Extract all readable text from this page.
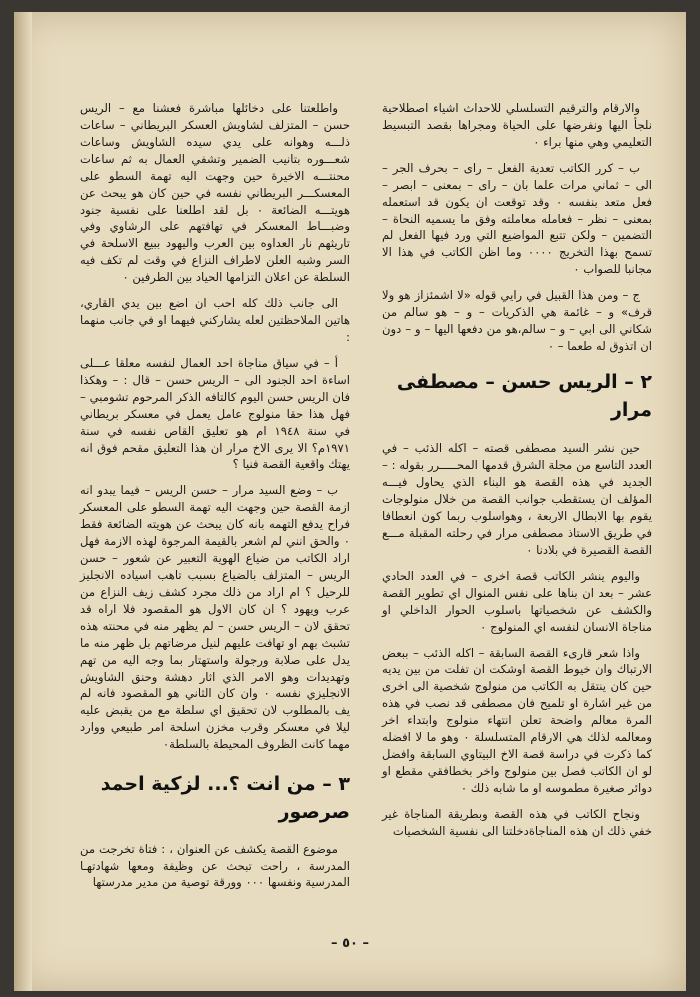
والارقام والترقيم التسلسلي للاحداث اشياء اصطلاحية نلجأ اليها ونفرضها على الحياة ومجراها بقصد التبسيط التعليمي وهي منها براء ٠

ب – كرر الكاتب تعدية الفعل – راى – بحرف الجر – الى – ثماني مرات علما بان – راى – بمعنى – ابصر – فعل متعد بنفسه ٠ وقد توقعت ان يكون قد استعمله بمعنى – نظر – فعامله معاملته وفق ما يسميه النحاة – التضمين – ولكن تتبع المواضيع التي ورد فيها الفعل لم تسمح بهذا التخريج ٠٠٠٠ وما اظن الكاتب في هذا الا مجانبا للصواب ٠

ج – ومن هذا القبيل في رايي قوله «لا اشمئزاز هو ولا قرف» و – غائمة هي الذكريات – و – هو سالم من شكاني الى ابي – و – سالم،هو من دفعها اليها – و – دون ان اتذوق له طعما – ٠

٢ – الريس حسن – مصطفى مرار

حين نشر السيد مصطفى قصته – اكله الذئب – في العدد التاسع من مجلة الشرق قدمها المحـــــرر بقوله : – الجديد في هذه القصة هو البناء الذي يحاول فيـــه المؤلف ان يستقطب جوانب القصة من خلال منولوجات يقوم بها الابطال الاربعة ، وهواسلوب ربما كون انعطافا في طريق الاستاذ مصطفى مرار في رحلته المقبلة مـــع القصة القصيرة في بلادنا ٠

واليوم ينشر الكاتب قصة اخرى – في العدد الحادي عشر – بعد ان بناها على نفس المنوال اي تطوير القصة والكشف عن شخصياتها باسلوب الحوار الداخلي او مناجاة الانسان لنفسه اي المنولوج ٠

واذا شعر قارىء القصة السابقة – اكله الذئب – ببعض الارتباك وان خيوط القصة اوشكت ان تفلت من بين يديه حين كان ينتقل به الكاتب من منولوج شخصية الى اخرى من غير اشارة او تلميح فان مصطفى قد نصب في هذه المرة معالم واضحة تعلن انتهاء منولوج وابتداء اخر ومعالمه لذلك هي الارقام المتسلسلة ٠ وهو ما لا افضله كما ذكرت في دراسة قصة الاخ البيتاوي السابقة وافضل لو ان الكاتب فصل بين منولوج واخر بخطافقي مقطع او دوائر صغيرة مطموسه او ما شابه ذلك ٠

ونجاح الكاتب في هذه القصة وبطريقة المناجاة غير خفي ذلك ان هذه المناجاةدخلتنا الى نفسية الشخصيات

واطلعتنا على دخائلها مباشرة فعشنا مع – الريس حسن – المتزلف لشاويش العسكر البريطاني – ساعات ذلـــه وهوانه على يدي سيده الشاويش وساعات شعـــوره بتانيب الضمير وتشفي العمال به ثم ساعات محنتـــه الاخيرة حين وجهت اليه تهمة السطو على المعسكـــر البريطاني نفسه في حين كان هو يبحث عن هويتـــه الضائعة ٠ بل لقد اطلعنا على نفسية جنود وضبـــاط المعسكر في تهافتهم على الرشاوي وفي تاريثهم نار العداوه بين العرب واليهود ببيع الاسلحة في السر وشبه العلن لاطراف النزاع في وقت لم تكف فيه السلطة عن اعلان التزامها الحياد بين الطرفين ٠

الى جانب ذلك كله احب ان اضع بين يدي القاري، هاتين الملاحظتين لعله يشاركني فيهما او في جانب منهما :

أ – في سياق مناجاة احد العمال لنفسه معلقا عـــلى اساءة احد الجنود الى – الريس حسن – قال : – وهكذا فان الريس حسن اليوم كالتافه الذكر المرحوم تشومبي – فهل هذا حقا منولوج عامل يعمل في معسكر بريطاني في سنة ١٩٤٨ ام هو تعليق القاص نفسه في سنة ١٩٧١م؟ الا يرى الاخ مرار ان هذا التعليق مقحم فوق انه يهتك واقعية القصة فنيا ؟

ب – وضع السيد مرار – حسن الريس – فيما يبدو انه ازمة القصة حين وجهت اليه تهمة السطو على المعسكر فراح يدفع التهمه بانه كان يبحث عن هويته الضائعة فقط ٠ والحق انني لم اشعر بالقيمة المرجوة لهذه الازمة فهل اراد الكاتب من ضياع الهوية التعبير عن شعور – حسن الريس – المتزلف بالضياع بسبب تاهب اسياده الانجليز للرحيل ؟ ام اراد من ذلك مجرد كشف زيف النزاع من عرب ويهود ؟ ان كان الاول هو المقصود فلا اراه قد تحقق لان – الريس حسن – لم يظهر منه في محنته هذه تشبث بهم او تهافت عليهم لنيل مرضاتهم بل ظهر منه ما يدل على صلابة ورجولة واستهتار بما وجه اليه من تهم وتهديدات وهو الامر الذي اثار دهشة وحنق الشاويش الانجليزي نفسه ٠ وان كان الثاني هو المقصود فانه لم يف بالمطلوب لان تحقيق اي سلطة مع من يقبض عليه ليلا في معسكر وقرب مخزن اسلحة امر طبيعي ووارد مهما كانت الظروف المحيطة بالسلطة٠

٣ – من انت ؟... لزكية احمد صرصور

موضوع القصة يكشف عن العنوان ، : فتاة تخرجت من المدرسة ، راحت تبحث عن وظيفة ومعها شهادتهـا المدرسية ونفسها ٠٠٠ وورقة توصية من مدير مدرستها

– ٥٠ –
